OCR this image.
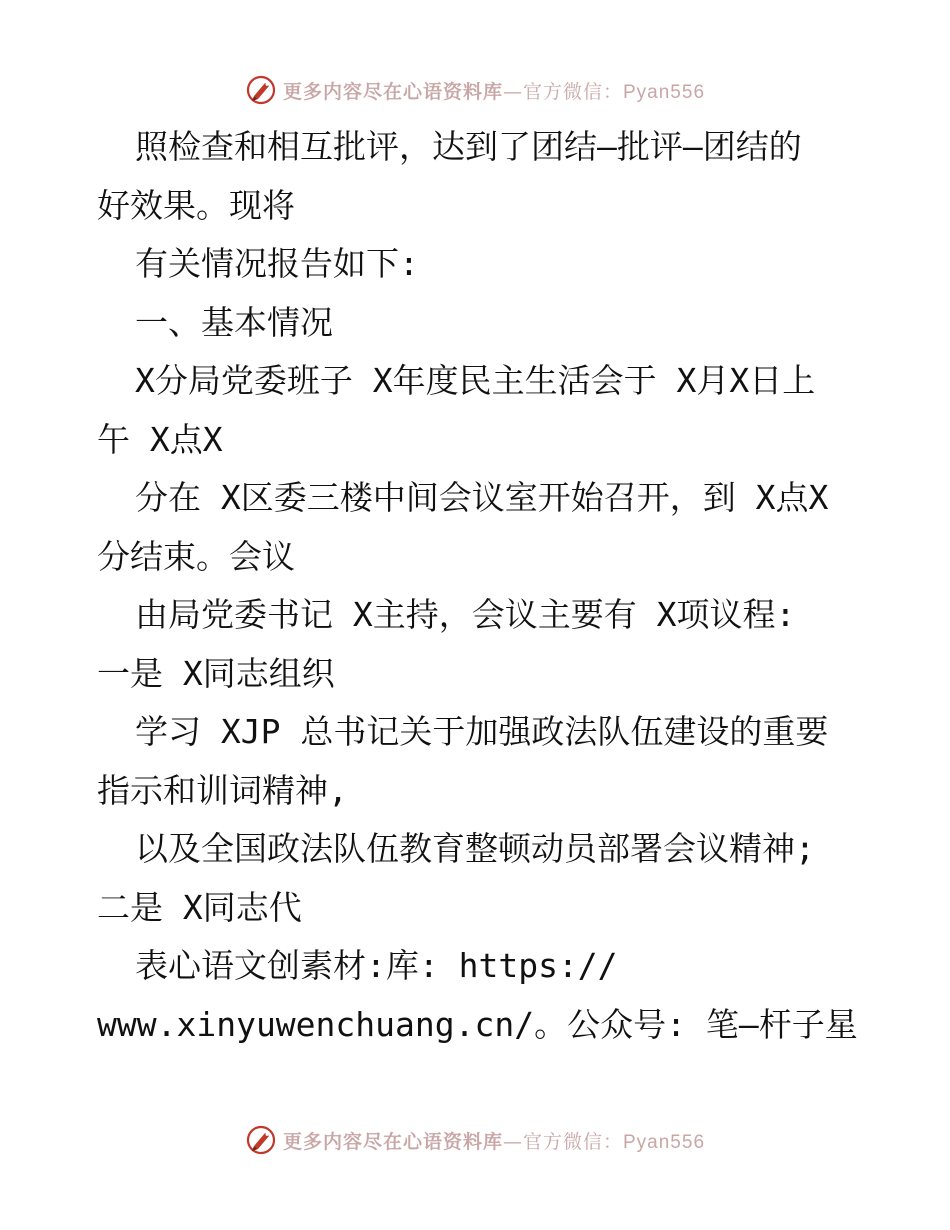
更多内容尽在心语资料库—官方微信：Pyan556
照检查和相互批评，达到了团结—批评—团结的
好效果。现将
有关情况报告如下:
一、基本情况
X分局党委班子 X年度民主生活会于 X月X日上
午 X点X
分在 X区委三楼中间会议室开始召开，到 X点X
分结束。会议
由局党委书记 X主持，会议主要有 X项议程:
一是 X同志组织
学习 XJP 总书记关于加强政法队伍建设的重要
指示和训词精神,
以及全国政法队伍教育整顿动员部署会议精神;
二是 X同志代
表心语文创素材:库: https://
www.xinyuwenchuang.cn/。公众号: 笔—杆子星
更多内容尽在心语资料库—官方微信：Pyan556
